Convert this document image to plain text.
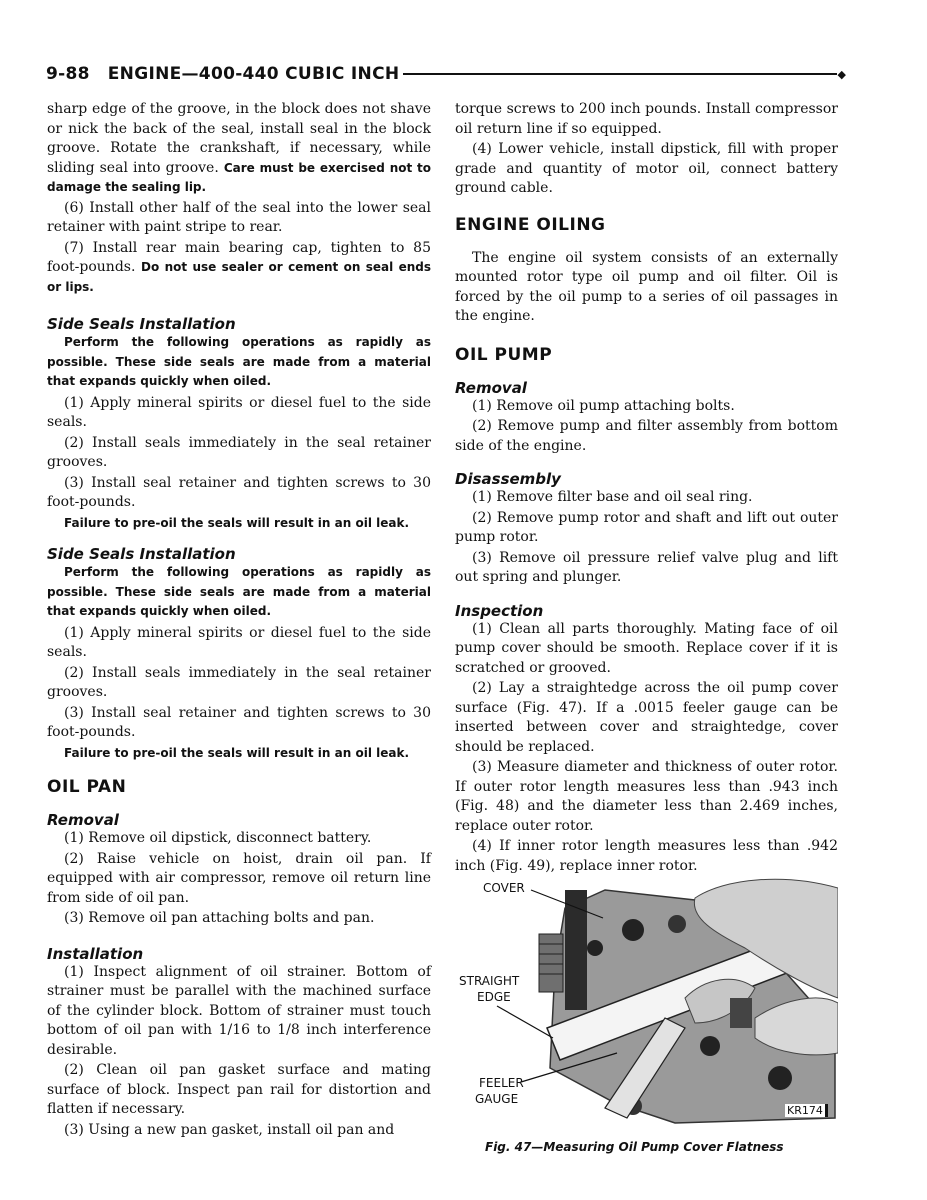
9-88 ENGINE—400-440 CUBIC INCH	◆

sharp edge of the groove, in the block does not shave or nick the back of the seal, install seal in the block groove. Rotate the crankshaft, if necessary, while sliding seal into groove. Care must be exercised not to damage the sealing lip.

(6) Install other half of the seal into the lower seal retainer with paint stripe to rear.

(7) Install rear main bearing cap, tighten to 85 foot-pounds. Do not use sealer or cement on seal ends or lips.

Side Seals Installation

Perform the following operations as rapidly as possible. These side seals are made from a material that expands quickly when oiled.

(1) Apply mineral spirits or diesel fuel to the side seals.

(2) Install seals immediately in the seal retainer grooves.

(3) Install seal retainer and tighten screws to 30 foot-pounds.

Failure to pre-oil the seals will result in an oil leak.

Side Seals Installation

Perform the following operations as rapidly as possible. These side seals are made from a material that expands quickly when oiled.

(1) Apply mineral spirits or diesel fuel to the side seals.

(2) Install seals immediately in the seal retainer grooves.

(3) Install seal retainer and tighten screws to 30 foot-pounds.

Failure to pre-oil the seals will result in an oil leak.

OIL PAN
Removal

(1) Remove oil dipstick, disconnect battery.

(2) Raise vehicle on hoist, drain oil pan. If equipped with air compressor, remove oil return line from side of oil pan.

(3) Remove oil pan attaching bolts and pan.

Installation

(1) Inspect alignment of oil strainer. Bottom of strainer must be parallel with the machined surface of the cylinder block. Bottom of strainer must touch bottom of oil pan with 1/16 to 1/8 inch interference desirable.

(2) Clean oil pan gasket surface and mating surface of block. Inspect pan rail for distortion and flatten if necessary.

(3) Using a new pan gasket, install oil pan and

torque screws to 200 inch pounds. Install compressor oil return line if so equipped.

(4) Lower vehicle, install dipstick, fill with proper grade and quantity of motor oil, connect battery ground cable.

ENGINE OILING

The engine oil system consists of an externally mounted rotor type oil pump and oil filter. Oil is forced by the oil pump to a series of oil passages in the engine.

OIL PUMP
Removal

(1) Remove oil pump attaching bolts.

(2) Remove pump and filter assembly from bottom side of the engine.

Disassembly

(1) Remove filter base and oil seal ring.

(2) Remove pump rotor and shaft and lift out outer pump rotor.

(3) Remove oil pressure relief valve plug and lift out spring and plunger.

Inspection

(1) Clean all parts thoroughly. Mating face of oil pump cover should be smooth. Replace cover if it is scratched or grooved.

(2) Lay a straightedge across the oil pump cover surface (Fig. 47). If a .0015 feeler gauge can be inserted between cover and straightedge, cover should be replaced.

(3) Measure diameter and thickness of outer rotor. If outer rotor length measures less than .943 inch (Fig. 48) and the diameter less than 2.469 inches, replace outer rotor.

(4) If inner rotor length measures less than .942 inch (Fig. 49), replace inner rotor.

COVER
STRAIGHT
EDGE
FEELER
GAUGE
KR174
Fig. 47—Measuring Oil Pump Cover Flatness
